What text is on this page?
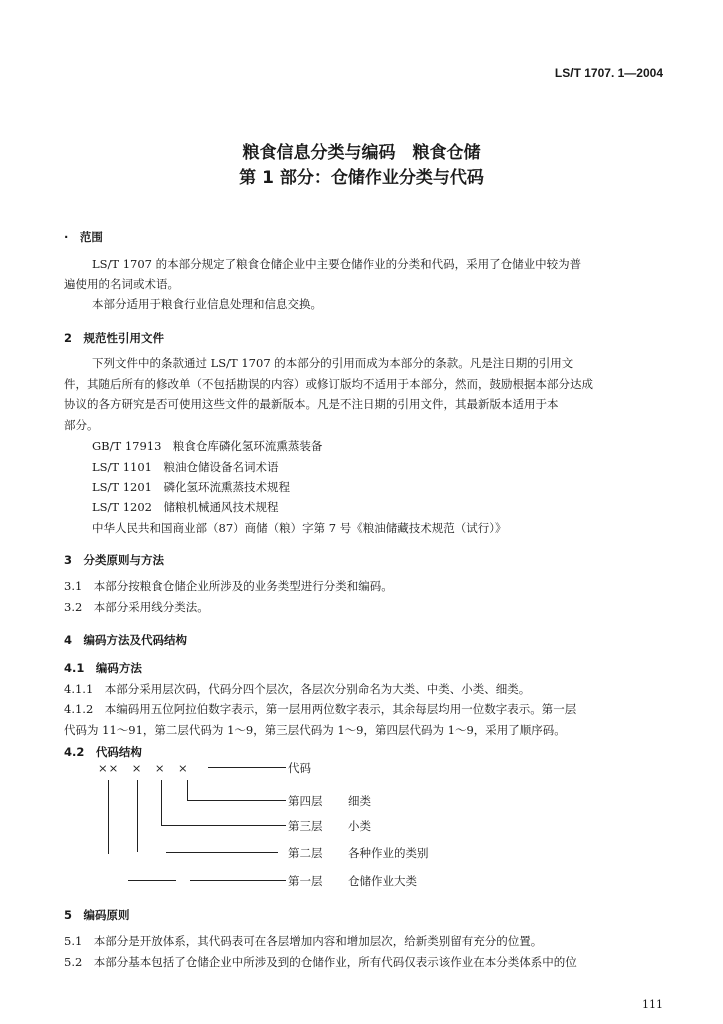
LS/T 1707. 1—2004
粮食信息分类与编码　粮食仓储
第 1 部分：仓储作业分类与代码
·　范围
LS/T 1707 的本部分规定了粮食仓储企业中主要仓储作业的分类和代码，采用了仓储业中较为普
遍使用的名词或术语。
本部分适用于粮食行业信息处理和信息交换。
2　规范性引用文件
下列文件中的条款通过 LS/T 1707 的本部分的引用而成为本部分的条款。凡是注日期的引用文
件，其随后所有的修改单（不包括勘误的内容）或修订版均不适用于本部分，然而，鼓励根据本部分达成
协议的各方研究是否可使用这些文件的最新版本。凡是不注日期的引用文件，其最新版本适用于本
部分。
GB/T 17913　粮食仓库磷化氢环流熏蒸装备
LS/T 1101　粮油仓储设备名词术语
LS/T 1201　磷化氢环流熏蒸技术规程
LS/T 1202　储粮机械通风技术规程
中华人民共和国商业部（87）商储（粮）字第 7 号《粮油储藏技术规范（试行）》
3　分类原则与方法
3.1　本部分按粮食仓储企业所涉及的业务类型进行分类和编码。
3.2　本部分采用线分类法。
4　编码方法及代码结构
4.1　编码方法
4.1.1　本部分采用层次码，代码分四个层次，各层次分别命名为大类、中类、小类、细类。
4.1.2　本编码用五位阿拉伯数字表示，第一层用两位数字表示，其余每层均用一位数字表示。第一层
代码为 11～91，第二层代码为 1～9，第三层代码为 1～9，第四层代码为 1～9，采用了顺序码。
4.2　代码结构
××　×　×　×	代码
第四层 细类
第三层 小类
第二层 各种作业的类别
第一层 仓储作业大类
5　编码原则
5.1　本部分是开放体系，其代码表可在各层增加内容和增加层次，给新类别留有充分的位置。
5.2　本部分基本包括了仓储企业中所涉及到的仓储作业，所有代码仅表示该作业在本分类体系中的位
111
